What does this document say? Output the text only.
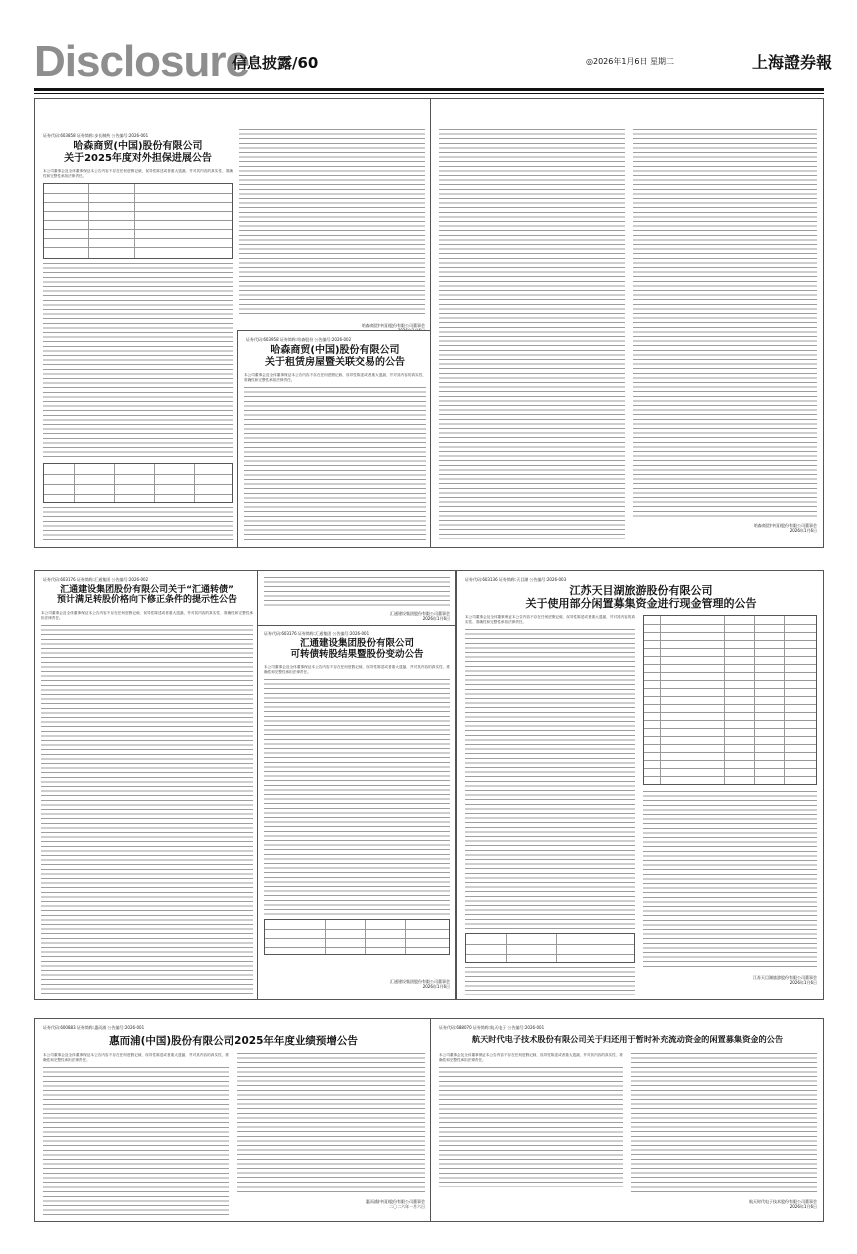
Disclosure
信息披露/60	◎2026年1月6日 星期二	上海證券報
证券代码:603858 证券简称:步长制药 公告编号:2026-001
哈森商贸(中国)股份有限公司
关于2025年度对外担保进展公告
本公司董事会及全体董事保证本公告内容不存在任何虚假记载、误导性陈述或者重大遗漏，并对其内容的真实性、准确性和完整性承担法律责任。
哈森商贸(中国)股份有限公司董事会
证券代码:603958 证券简称:哈森股份 公告编号:2026-002
哈森商贸(中国)股份有限公司
关于租赁房屋暨关联交易的公告
本公司董事会及全体董事保证本公告内容不存在任何虚假记载、误导性陈述或者重大遗漏，并对其内容的真实性、准确性和完整性承担法律责任。
哈森商贸(中国)股份有限公司董事会
2026年1月6日
证券代码:603176 证券简称:汇通集团 公告编号:2026-002
汇通建设集团股份有限公司关于“汇通转债”
预计满足转股价格向下修正条件的提示性公告
本公司董事会及全体董事保证本公告内容不存在任何虚假记载、误导性陈述或者重大遗漏，并对其内容的真实性、准确性和完整性承担法律责任。
汇通建设集团股份有限公司董事会
2026年1月6日
证券代码:603176 证券简称:汇通集团 公告编号:2026-001
汇通建设集团股份有限公司
可转债转股结果暨股份变动公告
本公司董事会及全体董事保证本公告内容不存在任何虚假记载、误导性陈述或者重大遗漏，并对其内容的真实性、准确性和完整性承担法律责任。
汇通建设集团股份有限公司董事会
2026年1月6日
证券代码:603136 证券简称:天目湖 公告编号:2026-003
江苏天目湖旅游股份有限公司
关于使用部分闲置募集资金进行现金管理的公告
本公司董事会及全体董事保证本公告内容不存在任何虚假记载、误导性陈述或者重大遗漏，并对其内容的真实性、准确性和完整性承担法律责任。
江苏天目湖旅游股份有限公司董事会
2026年1月6日
证券代码:600883 证券简称:惠而浦 公告编号:2026-001
惠而浦(中国)股份有限公司2025年年度业绩预增公告
本公司董事会及全体董事保证本公告内容不存在任何虚假记载、误导性陈述或者重大遗漏，并对其内容的真实性、准确性和完整性承担法律责任。
惠而浦(中国)股份有限公司董事会
二〇二六年一月六日
证券代码:688070 证券简称:航天电子 公告编号:2026-001
航天时代电子技术股份有限公司关于归还用于暂时补充流动资金的闲置募集资金的公告
本公司董事会及全体董事保证本公告内容不存在任何虚假记载、误导性陈述或者重大遗漏，并对其内容的真实性、准确性和完整性承担法律责任。
航天时代电子技术股份有限公司董事会
2026年1月6日
